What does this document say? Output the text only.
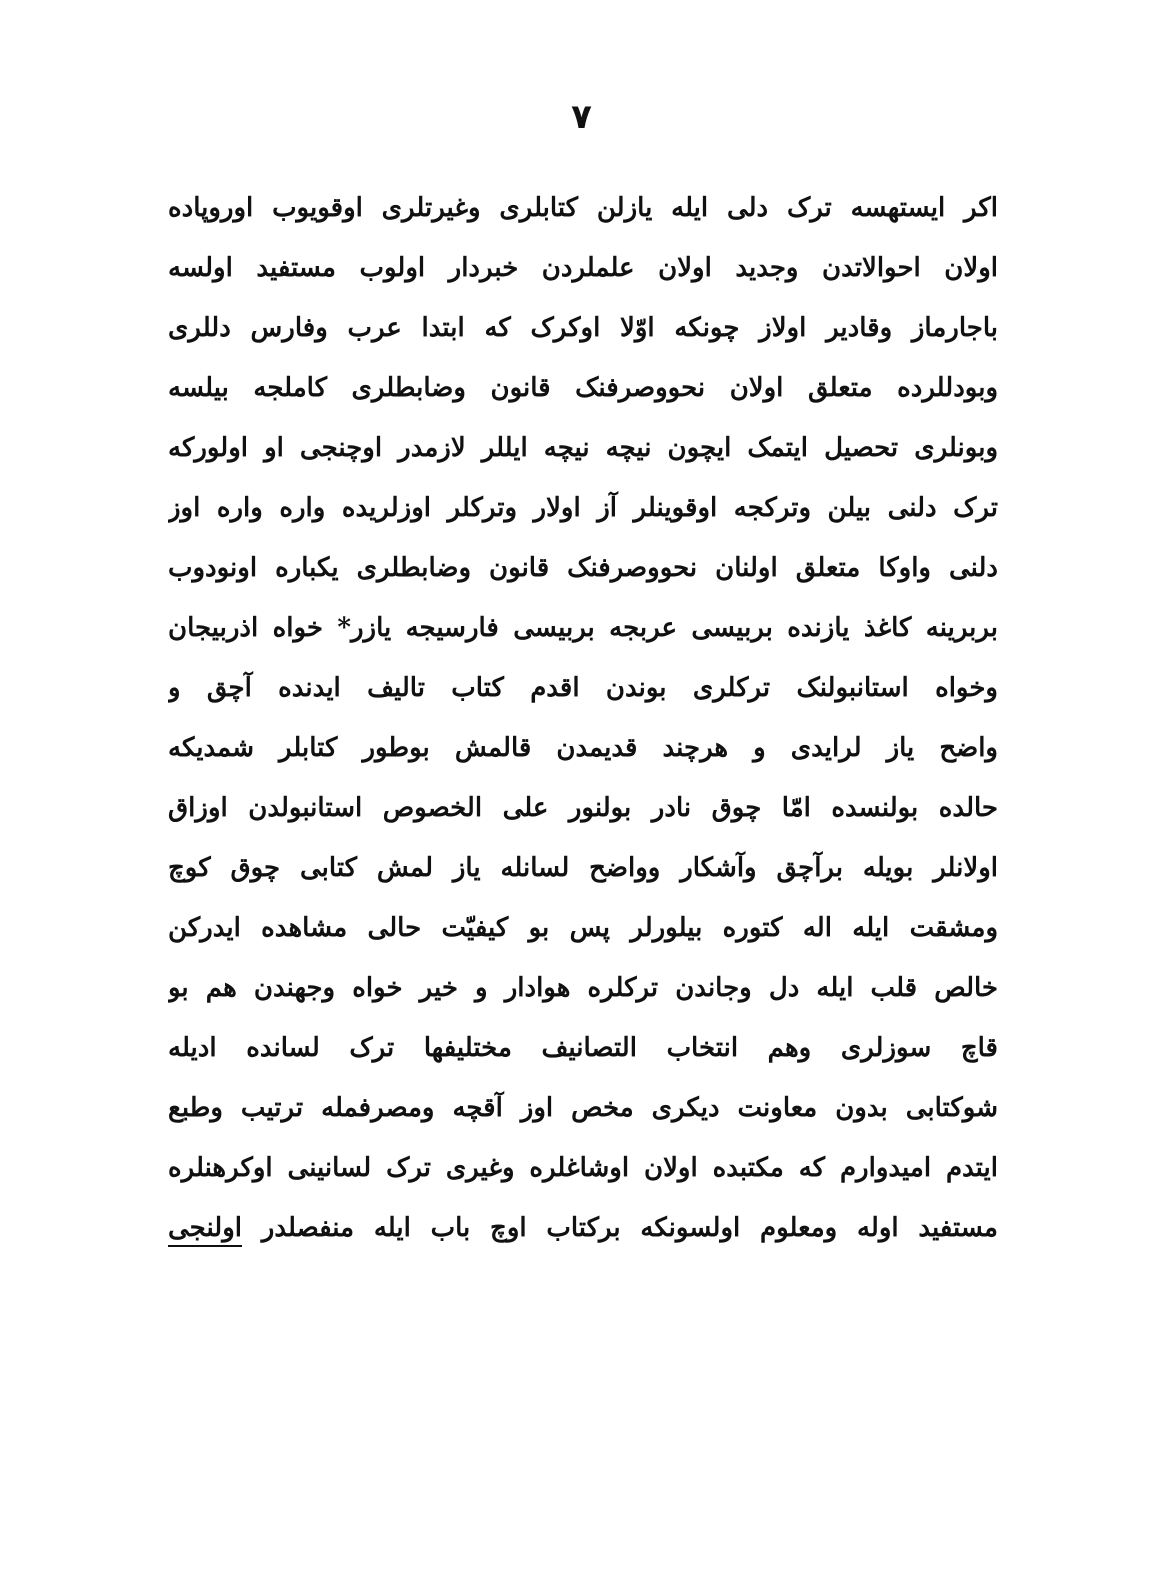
٧
اکر ایستهسه ترک دلی ایله یازلن کتابلری وغیرتلری اوقویوب اوروپاده
اولان احوالاتدن وجدید اولان علملردن خبردار اولوب مستفید اولسه
باجارماز وقادیر اولاز چونکه اوّلا اوکرک که ابتدا عرب وفارس دللری
وبودللرده متعلق اولان نحووصرفنک قانون وضابطلری کاملجه بیلسه
وبونلری تحصیل ایتمک ایچون نیچه نیچه ایللر لازمدر اوچنجی او اولورکه
ترک دلنی بیلن وترکجه اوقوینلر آز اولار وترکلر اوزلریده واره واره اوز
دلنی واوکا متعلق اولنان نحووصرفنک قانون وضابطلری یکباره اونودوب
بربرینه کاغذ یازنده بربیسی عربجه بربیسی فارسیجه یازر* خواه اذربیجان
وخواه استانبولنک ترکلری بوندن اقدم کتاب تالیف ایدنده آچق و
واضح یاز لرایدی و هرچند قدیمدن قالمش بوطور کتابلر شمدیکه
حالده بولنسده امّا چوق نادر بولنور علی الخصوص استانبولدن اوزاق
اولانلر بویله برآچق وآشکار وواضح لسانله یاز لمش کتابی چوق کوچ
ومشقت ایله اله کتوره بیلورلر پس بو کیفیّت حالی مشاهده ایدرکن
خالص قلب ایله دل وجاندن ترکلره هوادار و خیر خواه وجهندن هم بو
قاچ سوزلری وهم انتخاب التصانیف مختلیفها ترک لسانده ادیله
شوکتابی بدون معاونت دیکری مخص اوز آقچه ومصرفمله ترتیب وطبع
ایتدم امیدوارم که مکتبده اولان اوشاغلره وغیری ترک لسانینی اوکرهنلره
مستفید اوله ومعلوم اولسونکه برکتاب اوچ باب ایله منفصلدر اولنجی
